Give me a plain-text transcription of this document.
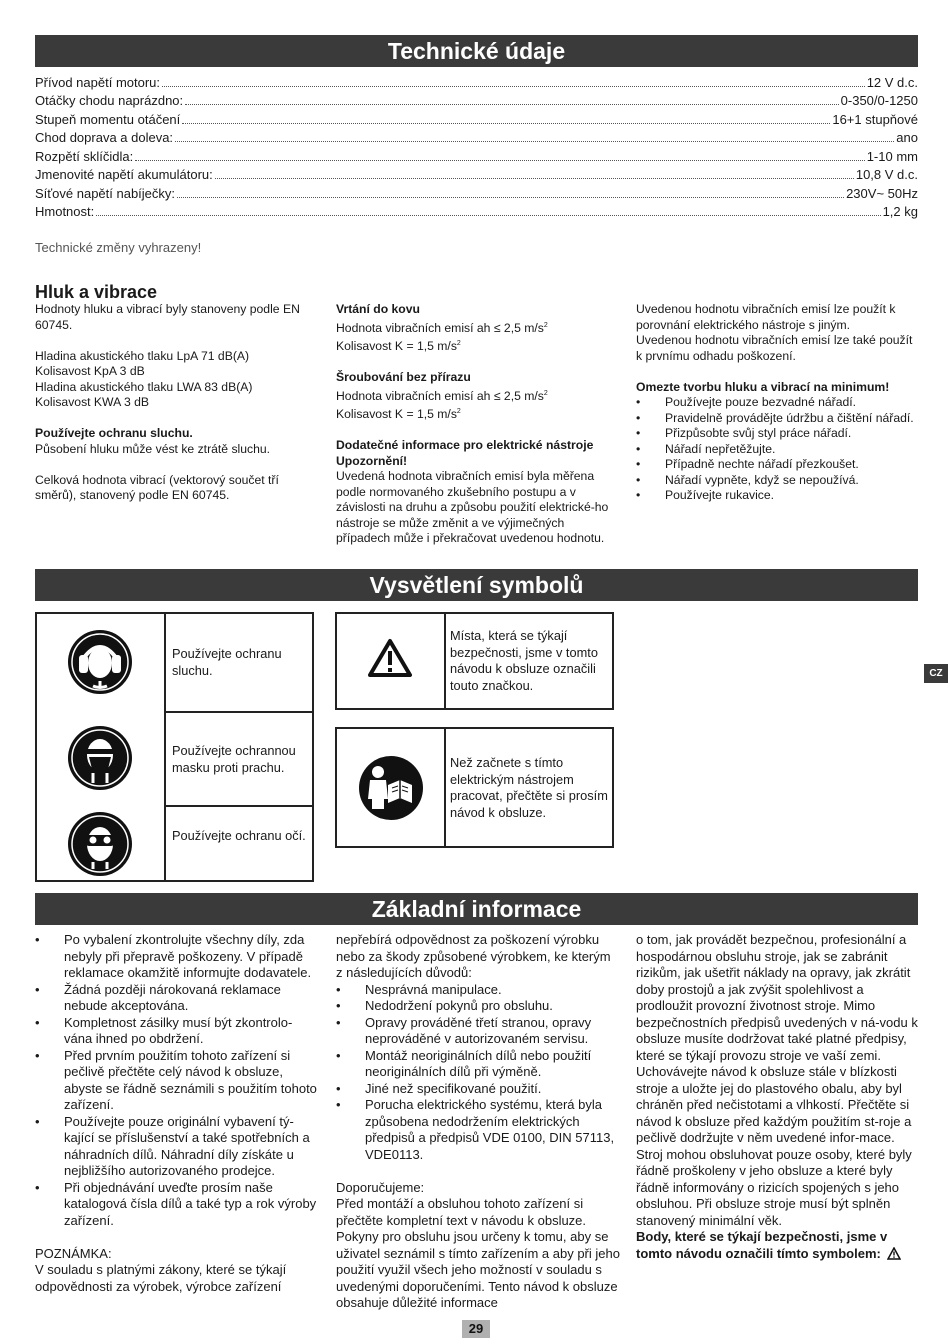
Technické údaje
Přívod napětí motoru:	12 V d.c.
Otáčky chodu naprázdno:	0-350/0-1250
Stupeň momentu otáčení	16+1 stupňové
Chod doprava a doleva:	ano
Rozpětí sklíčidla:	1-10 mm
Jmenovité napětí akumulátoru:	10,8 V d.c.
Síťové napětí nabíječky:	230V~ 50Hz
Hmotnost:	1,2 kg
Technické změny vyhrazeny!
Hluk a vibrace

Hodnoty hluku a vibrací byly stanoveny podle EN 60745.

Hladina akustického tlaku LpA 71 dB(A)

Kolisavost KpA 3 dB

Hladina akustického tlaku LWA 83 dB(A)

Kolisavost KWA 3 dB

Používejte ochranu sluchu.

Působení hluku může vést ke ztrátě sluchu.

Celková hodnota vibrací (vektorový součet tří směrů), stanovený podle EN 60745.

Vrtání do kovu

Hodnota vibračních emisí ah ≤ 2,5 $m/s^2$

Kolisavost K = 1,5 $m/s^2$

Šroubování bez přírazu

Hodnota vibračních emisí ah ≤ 2,5 $m/s^2$

Kolisavost K = 1,5 $m/s^2$

Dodatečné informace pro elektrické nástroje

Upozornění!

Uvedená hodnota vibračních emisí byla měřena podle normovaného zkušebního postupu a v závislosti na druhu a způsobu použití elektrické-ho nástroje se může změnit a ve výjimečných případech může i překračovat uvedenou hodnotu.

Uvedenou hodnotu vibračních emisí lze použít k porovnání elektrického nástroje s jiným.

Uvedenou hodnotu vibračních emisí lze také použít k prvnímu odhadu poškození.

Omezte tvorbu hluku a vibrací na minimum!

• Používejte pouze bezvadné nářadí.
• Pravidelně provádějte údržbu a čištění nářadí.
• Přizpůsobte svůj styl práce nářadí.
• Nářadí nepřetěžujte.
• Případně nechte nářadí přezkoušet.
• Nářadí vypněte, když se nepoužívá.
• Používejte rukavice.
Vysvětlení symbolů
Používejte ochranu sluchu.
Používejte ochrannou masku proti prachu.
Používejte ochranu očí.
Místa, která se týkají bezpečnosti, jsme v tomto návodu k obsluze označili touto značkou.
Než začnete s tímto elektrickým nástrojem pracovat, přečtěte si prosím návod k obsluze.
CZ
Základní informace
• Po vybalení zkontrolujte všechny díly, zda nebyly při přepravě poškozeny. V případě reklamace okamžitě informujte dodavatele.
• Žádná později nárokovaná reklamace nebude akceptována.
• Kompletnost zásilky musí být zkontrolo-vána ihned po obdržení.
• Před prvním použitím tohoto zařízení si pečlivě přečtěte celý návod k obsluze, abyste se řádně seznámili s použitím tohoto zařízení.
• Používejte pouze originální vybavení tý-kající se příslušenství a také spotřebních a náhradních dílů. Náhradní díly získáte u nejbližšího autorizovaného prodejce.
• Při objednávání uveďte prosím naše katalogová čísla dílů a také typ a rok výroby zařízení.

POZNÁMKA:

V souladu s platnými zákony, které se týkají odpovědnosti za výrobek, výrobce zařízení

nepřebírá odpovědnost za poškození výrobku nebo za škody způsobené výrobkem, ke kterým z následujících důvodů:

• Nesprávná manipulace.
• Nedodržení pokynů pro obsluhu.
• Opravy prováděné třetí stranou, opravy neprováděné v autorizovaném servisu.
• Montáž neoriginálních dílů nebo použití neoriginálních dílů při výměně.
• Jiné než specifikované použití.
• Porucha elektrického systému, která byla způsobena nedodržením elektrických předpisů a předpisů VDE 0100, DIN 57113, VDE0113.

Doporučujeme:

Před montáží a obsluhou tohoto zařízení si přečtěte kompletní text v návodu k obsluze. Pokyny pro obsluhu jsou určeny k tomu, aby se uživatel seznámil s tímto zařízením a aby při jeho použití využil všech jeho možností v souladu s uvedenými doporučeními. Tento návod k obsluze obsahuje důležité informace

o tom, jak provádět bezpečnou, profesionální a hospodárnou obsluhu stroje, jak se zabránit rizikům, jak ušetřit náklady na opravy, jak zkrátit doby prostojů a jak zvýšit spolehlivost a prodloužit provozní životnost stroje. Mimo bezpečnostních předpisů uvedených v ná-vodu k obsluze musíte dodržovat také platné předpisy, které se týkají provozu stroje ve vaší zemi.

Uchovávejte návod k obsluze stále v blízkosti stroje a uložte jej do plastového obalu, aby byl chráněn před nečistotami a vlhkostí. Přečtěte si návod k obsluze před každým použitím st-roje a pečlivě dodržujte v něm uvedené infor-mace. Stroj mohou obsluhovat pouze osoby, které byly řádně proškoleny v jeho obsluze a které byly řádně informovány o rizicích spojených s jeho obsluhou. Při obsluze stroje musí být splněn stanovený minimální věk.

Body, které se týkají bezpečnosti, jsme v tomto návodu označili tímto symbolem:

29
